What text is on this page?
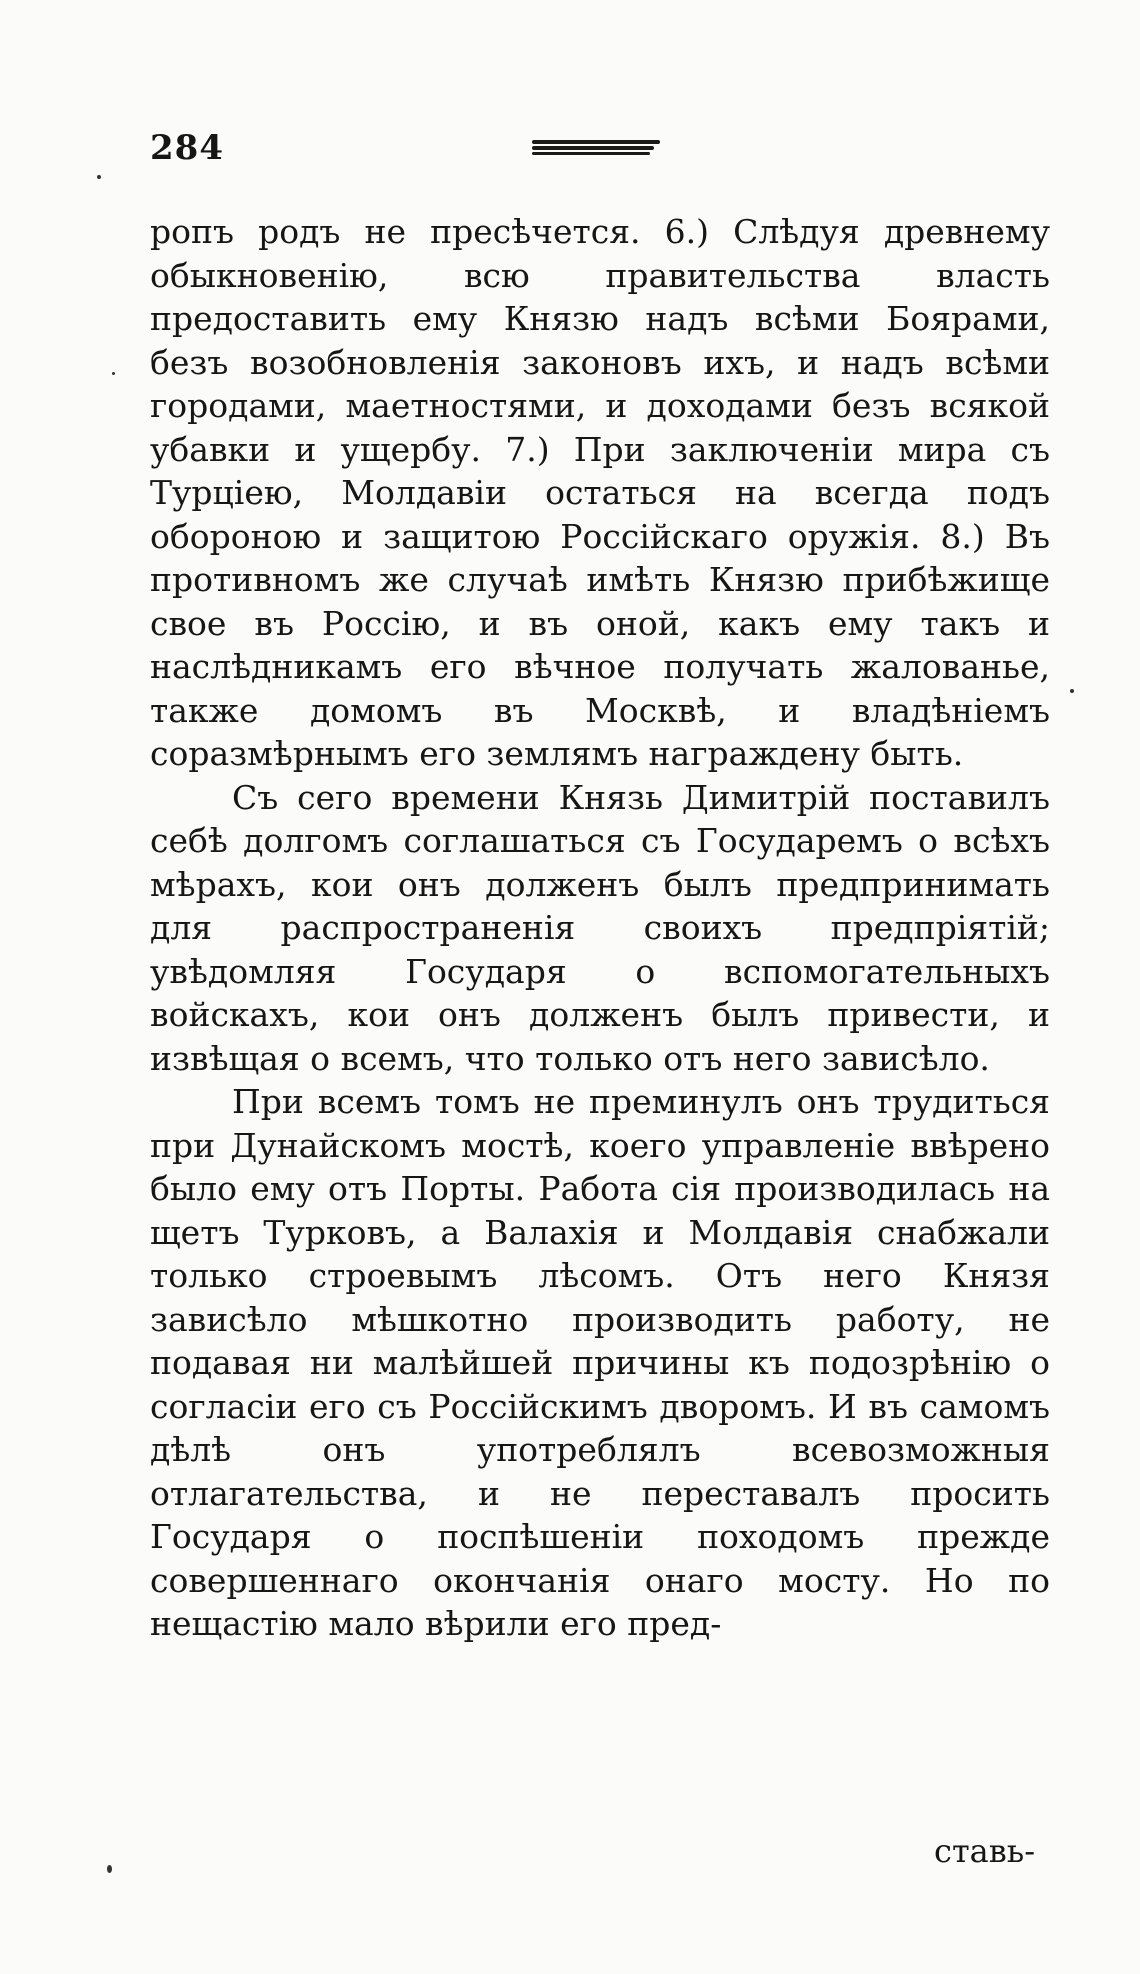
284

ропъ родъ не пресѣчется. 6.) Слѣдуя древнему обыкновенію, всю правительства власть предоставить ему Князю надъ всѣми Боярами, безъ возобновленія законовъ ихъ, и надъ всѣми городами, маетностями, и доходами безъ всякой убавки и ущербу. 7.) При заключеніи мира съ Турціею, Молдавіи остаться на всегда подъ обороною и защитою Россійскаго оружія. 8.) Въ противномъ же случаѣ имѣть Князю прибѣжище свое въ Россію, и въ оной, какъ ему такъ и наслѣдникамъ его вѣчное получать жалованье, также домомъ въ Москвѣ, и владѣніемъ соразмѣрнымъ его землямъ награждену быть.

Съ сего времени Князь Димитрій поставилъ себѣ долгомъ соглашаться съ Государемъ о всѣхъ мѣрахъ, кои онъ долженъ былъ предпринимать для распространенія своихъ предпріятій; увѣдомляя Государя о вспомогательныхъ войскахъ, кои онъ долженъ былъ привести, и извѣщая о всемъ, что только отъ него зависѣло.

При всемъ томъ не преминулъ онъ трудиться при Дунайскомъ мостѣ, коего управленіе ввѣрено было ему отъ Порты. Работа сія производилась на щетъ Турковъ, а Валахія и Молдавія снабжали только строевымъ лѣсомъ. Отъ него Князя зависѣло мѣшкотно производить работу, не подавая ни малѣйшей причины къ подозрѣнію о согласіи его съ Россійскимъ дворомъ. И въ самомъ дѣлѣ онъ употреблялъ всевозможныя отлагательства, и не переставалъ просить Государя о поспѣшеніи походомъ прежде совершеннаго окончанія онаго мосту. Но по нещастію мало вѣрили его пред-

ставь-
